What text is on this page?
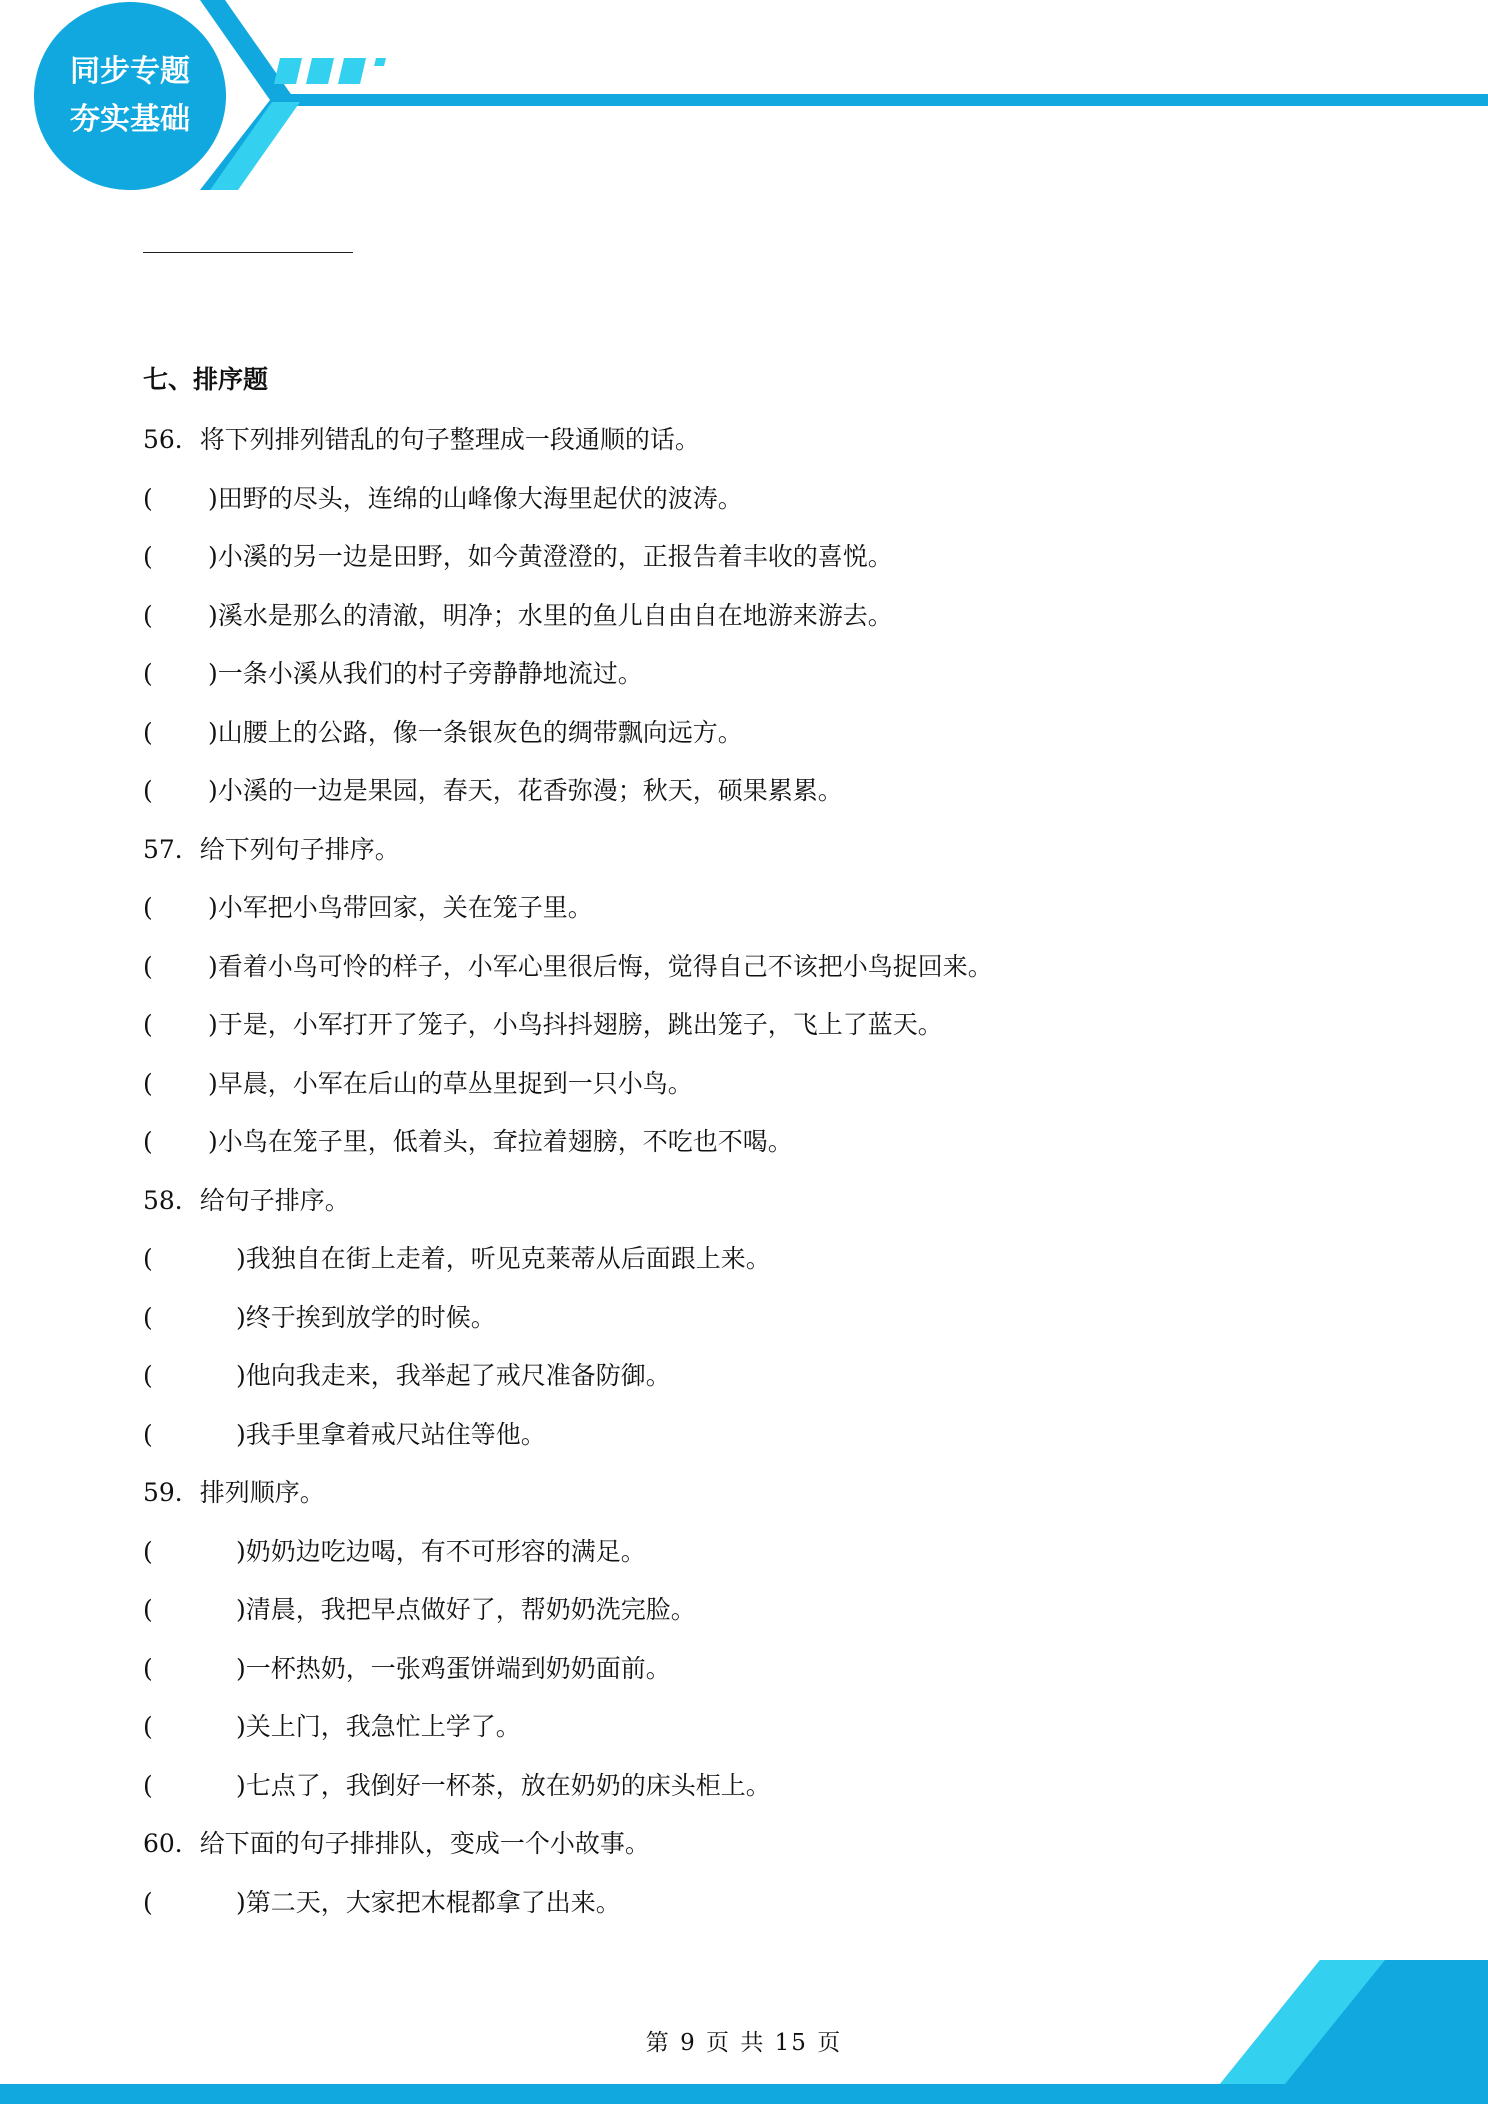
同步专题
夯实基础
七、排序题
56．将下列排列错乱的句子整理成一段通顺的话。
( )田野的尽头，连绵的山峰像大海里起伏的波涛。
( )小溪的另一边是田野，如今黄澄澄的，正报告着丰收的喜悦。
( )溪水是那么的清澈，明净；水里的鱼儿自由自在地游来游去。
( )一条小溪从我们的村子旁静静地流过。
( )山腰上的公路，像一条银灰色的绸带飘向远方。
( )小溪的一边是果园，春天，花香弥漫；秋天，硕果累累。
57．给下列句子排序。
( )小军把小鸟带回家，关在笼子里。
( )看着小鸟可怜的样子，小军心里很后悔，觉得自己不该把小鸟捉回来。
( )于是，小军打开了笼子，小鸟抖抖翅膀，跳出笼子，飞上了蓝天。
( )早晨，小军在后山的草丛里捉到一只小鸟。
( )小鸟在笼子里，低着头，耷拉着翅膀，不吃也不喝。
58．给句子排序。
(	)我独自在街上走着，听见克莱蒂从后面跟上来。
(	)终于挨到放学的时候。
(	)他向我走来，我举起了戒尺准备防御。
(	)我手里拿着戒尺站住等他。
59．排列顺序。
(	)奶奶边吃边喝，有不可形容的满足。
(	)清晨，我把早点做好了，帮奶奶洗完脸。
(	)一杯热奶，一张鸡蛋饼端到奶奶面前。
(	)关上门，我急忙上学了。
(	)七点了，我倒好一杯茶，放在奶奶的床头柜上。
60．给下面的句子排排队，变成一个小故事。
(	)第二天，大家把木棍都拿了出来。
第 9 页 共 15 页
